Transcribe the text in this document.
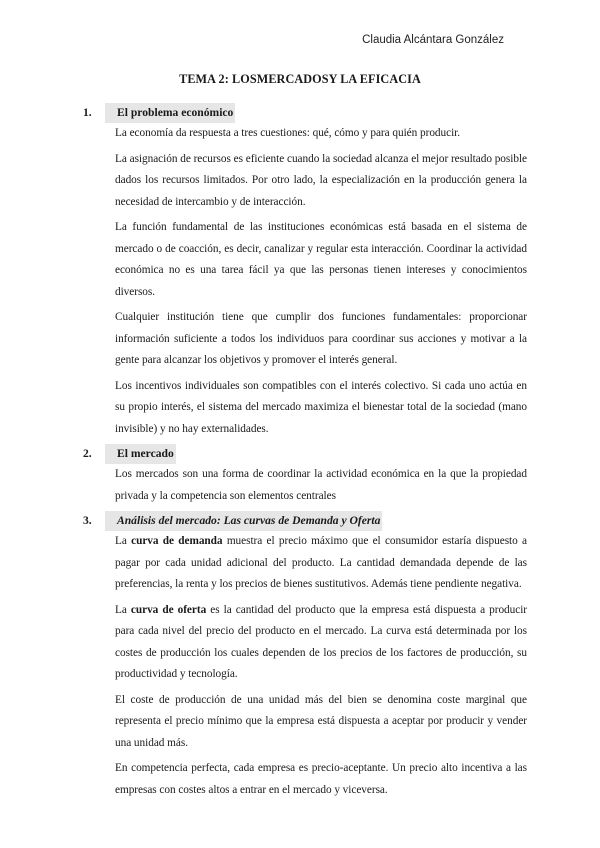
Claudia Alcántara González
TEMA 2: LOSMERCADOSY LA EFICACIA
1.	El problema económico

La economía da respuesta a tres cuestiones: qué, cómo y para quién producir.

La asignación de recursos es eficiente cuando la sociedad alcanza el mejor resultado posible dados los recursos limitados. Por otro lado, la especialización en la producción genera la necesidad de intercambio y de interacción.

La función fundamental de las instituciones económicas está basada en el sistema de mercado o de coacción, es decir, canalizar y regular esta interacción. Coordinar la actividad económica no es una tarea fácil ya que las personas tienen intereses y conocimientos diversos.

Cualquier institución tiene que cumplir dos funciones fundamentales: proporcionar información suficiente a todos los individuos para coordinar sus acciones y motivar a la gente para alcanzar los objetivos y promover el interés general.

Los incentivos individuales son compatibles con el interés colectivo. Si cada uno actúa en su propio interés, el sistema del mercado maximiza el bienestar total de la sociedad (mano invisible) y no hay externalidades.

2.	El mercado

Los mercados son una forma de coordinar la actividad económica en la que la propiedad privada y la competencia son elementos centrales

3.	Análisis del mercado: Las curvas de Demanda y Oferta

La curva de demanda muestra el precio máximo que el consumidor estaría dispuesto a pagar por cada unidad adicional del producto. La cantidad demandada depende de las preferencias, la renta y los precios de bienes sustitutivos. Además tiene pendiente negativa.

La curva de oferta es la cantidad del producto que la empresa está dispuesta a producir para cada nivel del precio del producto en el mercado. La curva está determinada por los costes de producción los cuales dependen de los precios de los factores de producción, su productividad y tecnología.

El coste de producción de una unidad más del bien se denomina coste marginal que representa el precio mínimo que la empresa está dispuesta a aceptar por producir y vender una unidad más.

En competencia perfecta, cada empresa es precio-aceptante. Un precio alto incentiva a las empresas con costes altos a entrar en el mercado y viceversa.
